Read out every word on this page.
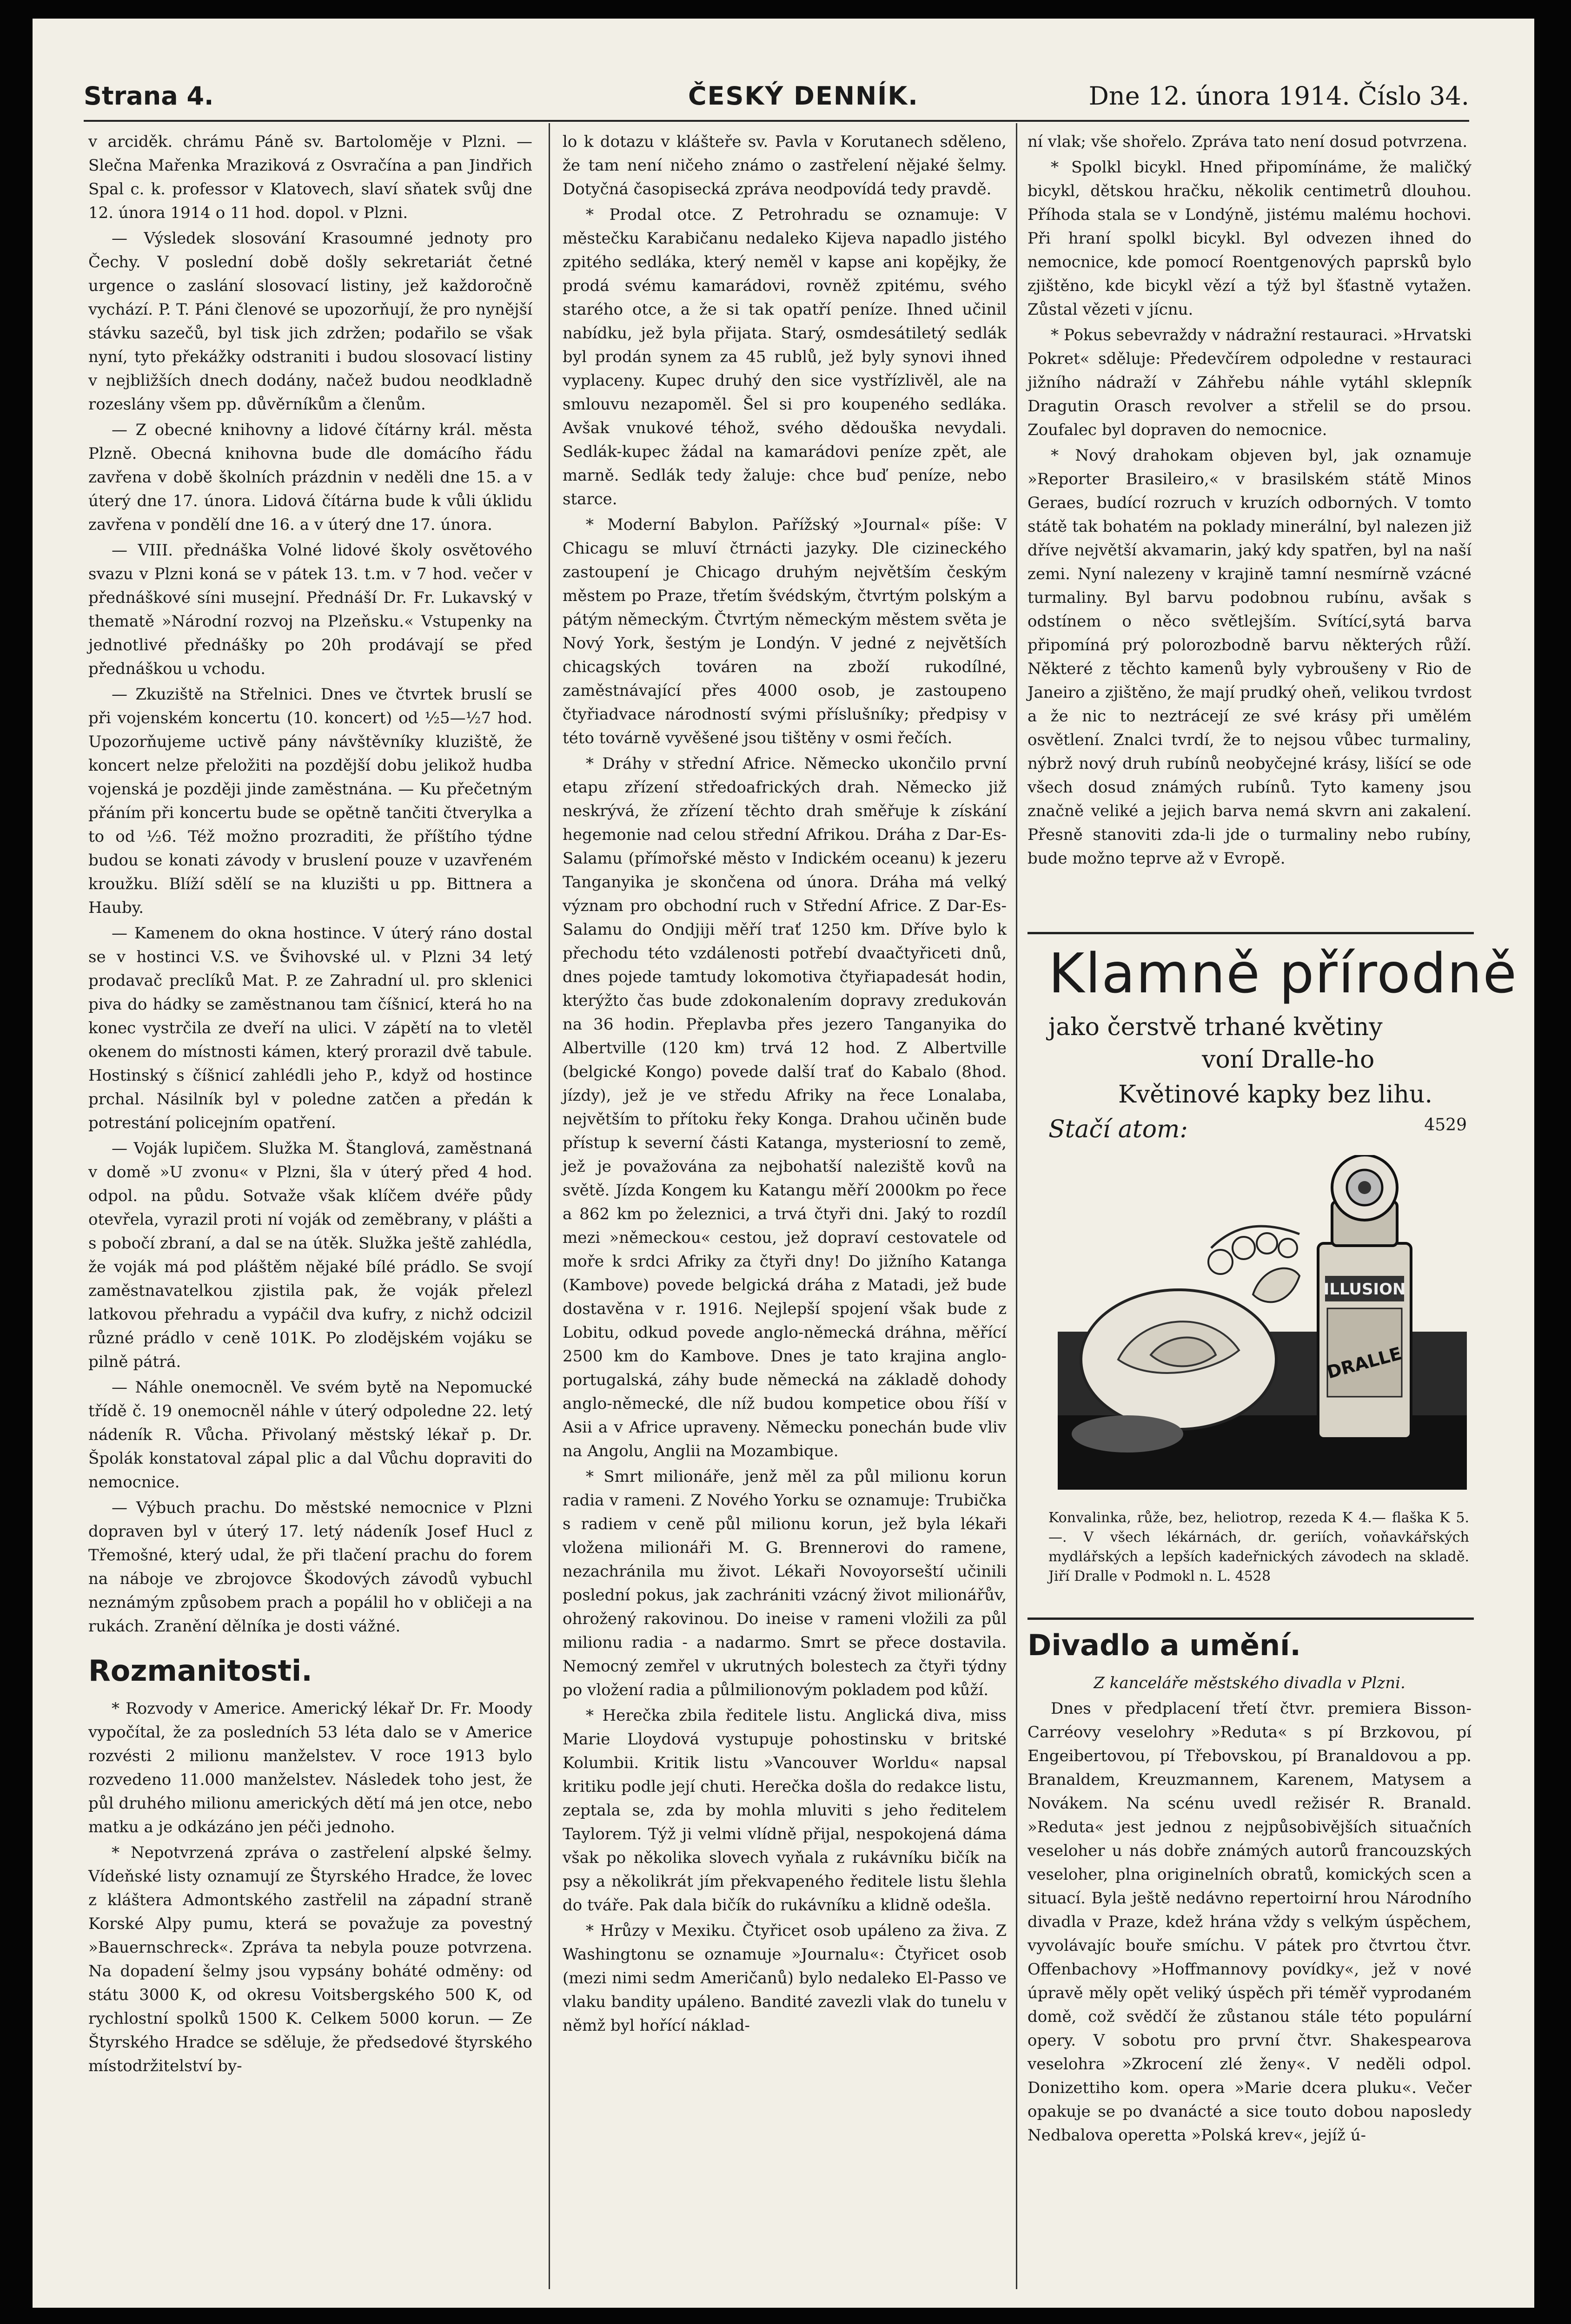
Strana 4.	ČESKÝ DENNÍK.	Dne 12. února 1914. Číslo 34.

v arciděk. chrámu Páně sv. Bartoloměje v Plzni. — Slečna Mařenka Mraziková z Osvračína a pan Jindřich Spal c. k. professor v Klatovech, slaví sňatek svůj dne 12. února 1914 o 11 hod. dopol. v Plzni.

— Výsledek slosování Krasoumné jednoty pro Čechy. V poslední době došly sekretariát četné urgence o zaslání slosovací listiny, jež každoročně vychází. P. T. Páni členové se upozorňují, že pro nynější stávku sazečů, byl tisk jich zdržen; podařilo se však nyní, tyto překážky odstraniti i budou slosovací listiny v nejbližších dnech dodány, načež budou neodkladně rozeslány všem pp. důvěrníkům a členům.

— Z obecné knihovny a lidové čítárny král. města Plzně. Obecná knihovna bude dle domácího řádu zavřena v době školních prázdnin v neděli dne 15. a v úterý dne 17. února. Lidová čítárna bude k vůli úklidu zavřena v pondělí dne 16. a v úterý dne 17. února.

— VIII. přednáška Volné lidové školy osvětového svazu v Plzni koná se v pátek 13. t.m. v 7 hod. večer v přednáškové síni musejní. Přednáší Dr. Fr. Lukavský v thematě »Národní rozvoj na Plzeňsku.« Vstupenky na jednotlivé přednášky po 20h prodávají se před přednáškou u vchodu.

— Zkuziště na Střelnici. Dnes ve čtvrtek bruslí se při vojenském koncertu (10. koncert) od ½5—½7 hod. Upozorňujeme uctivě pány návštěvníky kluziště, že koncert nelze přeložiti na pozdější dobu jelikož hudba vojenská je později jinde zaměstnána. — Ku přečetným přáním při koncertu bude se opětně tančiti čtverylka a to od ½6. Též možno prozraditi, že příštího týdne budou se konati závody v bruslení pouze v uzavřeném kroužku. Blíží sdělí se na kluzišti u pp. Bittnera a Hauby.

— Kamenem do okna hostince. V úterý ráno dostal se v hostinci V.S. ve Švihovské ul. v Plzni 34 letý prodavač preclíků Mat. P. ze Zahradní ul. pro sklenici piva do hádky se zaměstnanou tam číšnicí, která ho na konec vystrčila ze dveří na ulici. V zápětí na to vletěl okenem do místnosti kámen, který prorazil dvě tabule. Hostinský s číšnicí zahlédli jeho P., když od hostince prchal. Násilník byl v poledne zatčen a předán k potrestání policejním opatření.

— Voják lupičem. Služka M. Štanglová, zaměstnaná v domě »U zvonu« v Plzni, šla v úterý před 4 hod. odpol. na půdu. Sotvaže však klíčem dvéře půdy otevřela, vyrazil proti ní voják od zeměbrany, v plášti a s pobočí zbraní, a dal se na útěk. Služka ještě zahlédla, že voják má pod pláštěm nějaké bílé prádlo. Se svojí zaměstnavatelkou zjistila pak, že voják přelezl latkovou přehradu a vypáčil dva kufry, z nichž odcizil různé prádlo v ceně 101K. Po zlodějském vojáku se pilně pátrá.

— Náhle onemocněl. Ve svém bytě na Nepomucké třídě č. 19 onemocněl náhle v úterý odpoledne 22. letý nádeník R. Vůcha. Přivolaný městský lékař p. Dr. Špolák konstatoval zápal plic a dal Vůchu dopraviti do nemocnice.

— Výbuch prachu. Do městské nemocnice v Plzni dopraven byl v úterý 17. letý nádeník Josef Hucl z Třemošné, který udal, že při tlačení prachu do forem na náboje ve zbrojovce Škodových závodů vybuchl neznámým způsobem prach a popálil ho v obličeji a na rukách. Zranění dělníka je dosti vážné.

Rozmanitosti.

* Rozvody v Americe. Americký lékař Dr. Fr. Moody vypočítal, že za posledních 53 léta dalo se v Americe rozvésti 2 milionu manželstev. V roce 1913 bylo rozvedeno 11.000 manželstev. Následek toho jest, že půl druhého milionu amerických dětí má jen otce, nebo matku a je odkázáno jen péči jednoho.

* Nepotvrzená zpráva o zastřelení alpské šelmy. Vídeňské listy oznamují ze Štyrského Hradce, že lovec z kláštera Admontského zastřelil na západní straně Korské Alpy pumu, která se považuje za povestný »Bauernschreck«. Zpráva ta nebyla pouze potvrzena. Na dopadení šelmy jsou vypsány boháté odměny: od státu 3000 K, od okresu Voitsbergského 500 K, od rychlostní spolků 1500 K. Celkem 5000 korun. — Ze Štyrského Hradce se sděluje, že předsedové štyrského místodržitelství by-

lo k dotazu v klášteře sv. Pavla v Korutanech sděleno, že tam není ničeho známo o zastřelení nějaké šelmy. Dotyčná časopisecká zpráva neodpovídá tedy pravdě.

* Prodal otce. Z Petrohradu se oznamuje: V městečku Karabičanu nedaleko Kijeva napadlo jistého zpitého sedláka, který neměl v kapse ani kopějky, že prodá svému kamarádovi, rovněž zpitému, svého starého otce, a že si tak opatří peníze. Ihned učinil nabídku, jež byla přijata. Starý, osmdesátiletý sedlák byl prodán synem za 45 rublů, jež byly synovi ihned vyplaceny. Kupec druhý den sice vystřízlivěl, ale na smlouvu nezapoměl. Šel si pro koupeného sedláka. Avšak vnukové téhož, svého dědouška nevydali. Sedlák-kupec žádal na kamarádovi peníze zpět, ale marně. Sedlák tedy žaluje: chce buď peníze, nebo starce.

* Moderní Babylon. Pařížský »Journal« píše: V Chicagu se mluví čtrnácti jazyky. Dle cizineckého zastoupení je Chicago druhým největším českým městem po Praze, třetím švédským, čtvrtým polským a pátým německým. Čtvrtým německým městem světa je Nový York, šestým je Londýn. V jedné z největších chicagských továren na zboží rukodílné, zaměstnávající přes 4000 osob, je zastoupeno čtyřiadvace národností svými příslušníky; předpisy v této továrně vyvěšené jsou tištěny v osmi řečích.

* Dráhy v střední Africe. Německo ukončilo první etapu zřízení středoafrických drah. Německo již neskrývá, že zřízení těchto drah směřuje k získání hegemonie nad celou střední Afrikou. Dráha z Dar-Es-Salamu (přímořské město v Indickém oceanu) k jezeru Tanganyika je skončena od února. Dráha má velký význam pro obchodní ruch v Střední Africe. Z Dar-Es-Salamu do Ondjiji měří trať 1250 km. Dříve bylo k přechodu této vzdálenosti potřebí dvaačtyřiceti dnů, dnes pojede tamtudy lokomotiva čtyřiapadesát hodin, kterýžto čas bude zdokonalením dopravy zredukován na 36 hodin. Přeplavba přes jezero Tanganyika do Albertville (120 km) trvá 12 hod. Z Albertville (belgické Kongo) povede další trať do Kabalo (8hod. jízdy), jež je ve středu Afriky na řece Lonalaba, největším to přítoku řeky Konga. Drahou učiněn bude přístup k severní části Katanga, mysteriosní to země, jež je považována za nejbohatší naleziště kovů na světě. Jízda Kongem ku Katangu měří 2000km po řece a 862 km po železnici, a trvá čtyři dni. Jaký to rozdíl mezi »německou« cestou, jež dopraví cestovatele od moře k srdci Afriky za čtyři dny! Do jižního Katanga (Kambove) povede belgická dráha z Matadi, jež bude dostavěna v r. 1916. Nejlepší spojení však bude z Lobitu, odkud povede anglo-německá dráhna, měřící 2500 km do Kambove. Dnes je tato krajina anglo-portugalská, záhy bude německá na základě dohody anglo-německé, dle níž budou kompetice obou říší v Asii a v Africe upraveny. Německu ponechán bude vliv na Angolu, Anglii na Mozambique.

* Smrt milionáře, jenž měl za půl milionu korun radia v rameni. Z Nového Yorku se oznamuje: Trubička s radiem v ceně půl milionu korun, jež byla lékaři vložena milionáři M. G. Brennerovi do ramene, nezachránila mu život. Lékaři Novoyorseští učinili poslední pokus, jak zachrániti vzácný život milionářův, ohrožený rakovinou. Do ineise v rameni vložili za půl milionu radia - a nadarmo. Smrt se přece dostavila. Nemocný zemřel v ukrutných bolestech za čtyři týdny po vložení radia a půlmilionovým pokladem pod kůží.

* Herečka zbila ředitele listu. Anglická diva, miss Marie Lloydová vystupuje pohostinsku v britské Kolumbii. Kritik listu »Vancouver Worldu« napsal kritiku podle její chuti. Herečka došla do redakce listu, zeptala se, zda by mohla mluviti s jeho ředitelem Taylorem. Týž ji velmi vlídně přijal, nespokojená dáma však po několika slovech vyňala z rukávníku bičík na psy a několikrát jím překvapeného ředitele listu šlehla do tváře. Pak dala bičík do rukávníku a klidně odešla.

* Hrůzy v Mexiku. Čtyřicet osob upáleno za živa. Z Washingtonu se oznamuje »Journalu«: Čtyřicet osob (mezi nimi sedm Američanů) bylo nedaleko El-Passo ve vlaku bandity upáleno. Bandité zavezli vlak do tunelu v němž byl hořící náklad-

ní vlak; vše shořelo. Zpráva tato není dosud potvrzena.

* Spolkl bicykl. Hned připomínáme, že maličký bicykl, dětskou hračku, několik centimetrů dlouhou. Příhoda stala se v Londýně, jistému malému hochovi. Při hraní spolkl bicykl. Byl odvezen ihned do nemocnice, kde pomocí Roentgenových paprsků bylo zjištěno, kde bicykl vězí a týž byl šťastně vytažen. Zůstal vězeti v jícnu.

* Pokus sebevraždy v nádražní restauraci. »Hrvatski Pokret« sděluje: Předevčírem odpoledne v restauraci jižního nádraží v Záhřebu náhle vytáhl sklepník Dragutin Orasch revolver a střelil se do prsou. Zoufalec byl dopraven do nemocnice.

* Nový drahokam objeven byl, jak oznamuje »Reporter Brasileiro,« v brasilském státě Minos Geraes, budící rozruch v kruzích odborných. V tomto státě tak bohatém na poklady minerální, byl nalezen již dříve největší akvamarin, jaký kdy spatřen, byl na naší zemi. Nyní nalezeny v krajině tamní nesmírně vzácné turmaliny. Byl barvu podobnou rubínu, avšak s odstínem o něco světlejším. Svítící,sytá barva připomíná prý polorozbodně barvu některých růží. Některé z těchto kamenů byly vybroušeny v Rio de Janeiro a zjištěno, že mají prudký oheň, velikou tvrdost a že nic to neztrácejí ze své krásy při umělém osvětlení. Znalci tvrdí, že to nejsou vůbec turmaliny, nýbrž nový druh rubínů neobyčejné krásy, lišící se ode všech dosud známých rubínů. Tyto kameny jsou značně veliké a jejich barva nemá skvrn ani zakalení. Přesně stanoviti zda-li jde o turmaliny nebo rubíny, bude možno teprve až v Evropě.

Klamně přírodně
jako čerstvě trhané květiny
voní Dralle-ho
Květinové kapky bez lihu.
Stačí atom:	4529
ILLUSION
DRALLE
Konvalinka, růže, bez, heliotrop, rezeda K 4.— flaška K 5.—. V všech lékárnách, dr. geriích, voňavkářských mydlářských a lepších kadeřnických závodech na skladě. Jiří Dralle v Podmokl n. L. 4528
Divadlo a umění.

Z kanceláře městského divadla v Plzni.

Dnes v předplacení třetí čtvr. premiera Bisson-Carréovy veselohry »Reduta« s pí Brzkovou, pí Engeibertovou, pí Třebovskou, pí Branaldovou a pp. Branaldem, Kreuzmannem, Karenem, Matysem a Novákem. Na scénu uvedl režisér R. Branald. »Reduta« jest jednou z nejpůsobivějších situačních veseloher u nás dobře známých autorů francouzských veseloher, plna originelních obratů, komických scen a situací. Byla ještě nedávno repertoirní hrou Národního divadla v Praze, kdež hrána vždy s velkým úspěchem, vyvolávajíc bouře smíchu. V pátek pro čtvrtou čtvr. Offenbachovy »Hoffmannovy povídky«, jež v nové úpravě měly opět veliký úspěch při téměř vyprodaném domě, což svědčí že zůstanou stále této populární opery. V sobotu pro první čtvr. Shakespearova veselohra »Zkrocení zlé ženy«. V neděli odpol. Donizettiho kom. opera »Marie dcera pluku«. Večer opakuje se po dvanácté a sice touto dobou naposledy Nedbalova operetta »Polská krev«, jejíž ú-
